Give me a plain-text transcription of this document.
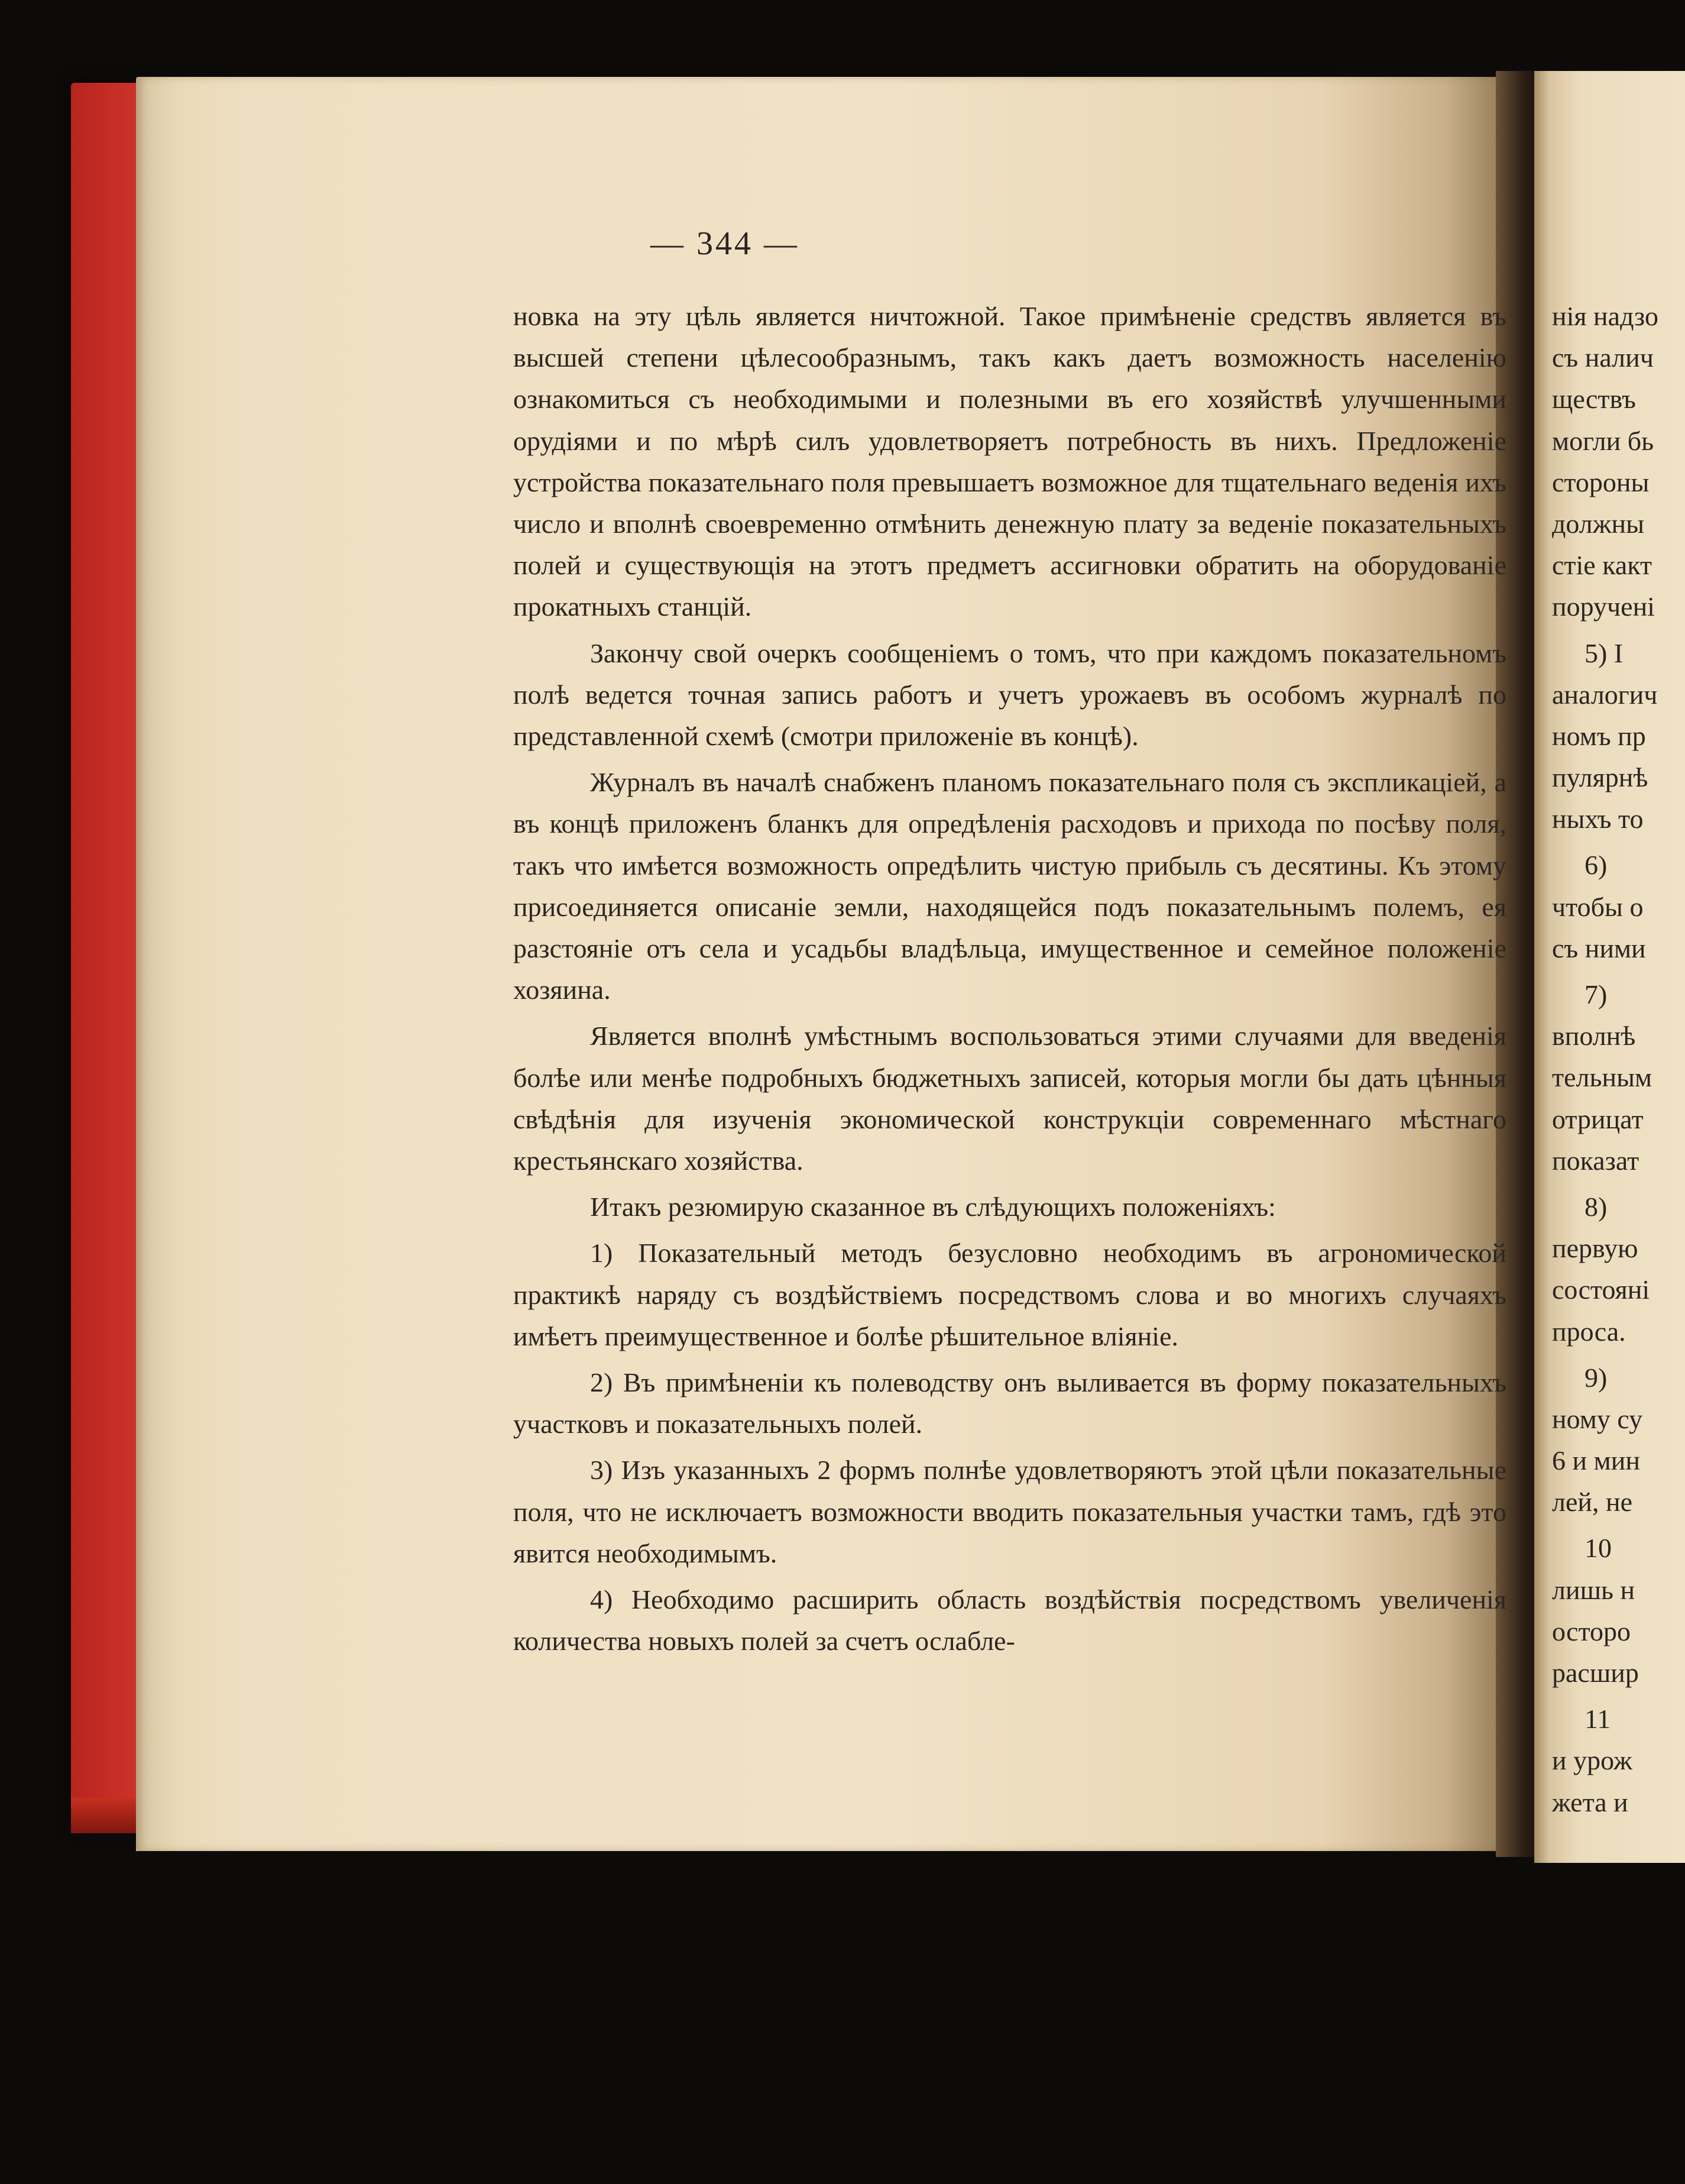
— 344 —

новка на эту цѣль является ничтожной. Такое примѣненіе средствъ является въ высшей степени цѣлесообразнымъ, такъ какъ даетъ возможность населенію ознакомиться съ необходимыми и полезными въ его хозяйствѣ улучшенными орудіями и по мѣрѣ силъ удовлетворяетъ потребность въ нихъ. Предложеніе устройства показательнаго поля превышаетъ возможное для тщательнаго веденія ихъ число и вполнѣ своевременно отмѣнить денежную плату за веденіе показательныхъ полей и существующія на этотъ предметъ ассигновки обратить на оборудованіе прокатныхъ станцій.

Закончу свой очеркъ сообщеніемъ о томъ, что при каждомъ показательномъ полѣ ведется точная запись работъ и учетъ урожаевъ въ особомъ журналѣ по представленной схемѣ (смотри приложеніе въ концѣ).

Журналъ въ началѣ снабженъ планомъ показательнаго поля съ экспликаціей, а въ концѣ приложенъ бланкъ для опредѣленія расходовъ и прихода по посѣву поля, такъ что имѣется возможность опредѣлить чистую прибыль съ десятины. Къ этому присоединяется описаніе земли, находящейся подъ показательнымъ полемъ, ея разстояніе отъ села и усадьбы владѣльца, имущественное и семейное положеніе хозяина.

Является вполнѣ умѣстнымъ воспользоваться этими случаями для введенія болѣе или менѣе подробныхъ бюджетныхъ записей, которыя могли бы дать цѣнныя свѣдѣнія для изученія экономической конструкціи современнаго мѣстнаго крестьянскаго хозяйства.

Итакъ резюмирую сказанное въ слѣдующихъ положеніяхъ:

1) Показательный методъ безусловно необходимъ въ агрономической практикѣ наряду съ воздѣйствіемъ посредствомъ слова и во многихъ случаяхъ имѣетъ преимущественное и болѣе рѣшительное вліяніе.

2) Въ примѣненіи къ полеводству онъ выливается въ форму показательныхъ участковъ и показательныхъ полей.

3) Изъ указанныхъ 2 формъ полнѣе удовлетворяютъ этой цѣли показательные поля, что не исключаетъ возможности вводить показательныя участки тамъ, гдѣ это явится необходимымъ.

4) Необходимо расширить область воздѣйствія посредствомъ увеличенія количества новыхъ полей за счетъ ослабле-

нія надзо
съ налич
ществъ
могли бь
стороны
должны
стіе какт
порученi
5) I
аналогич
номъ пр
пулярнѣ
ныхъ то
6)
чтобы о
съ ними
7)
вполнѣ
тельным
отрицат
показат
8)
первую
состояні
проса.
9)
ному су
6 и мин
лей, не
10
лишь н
осторо
расшир
11
и урож
жета и
